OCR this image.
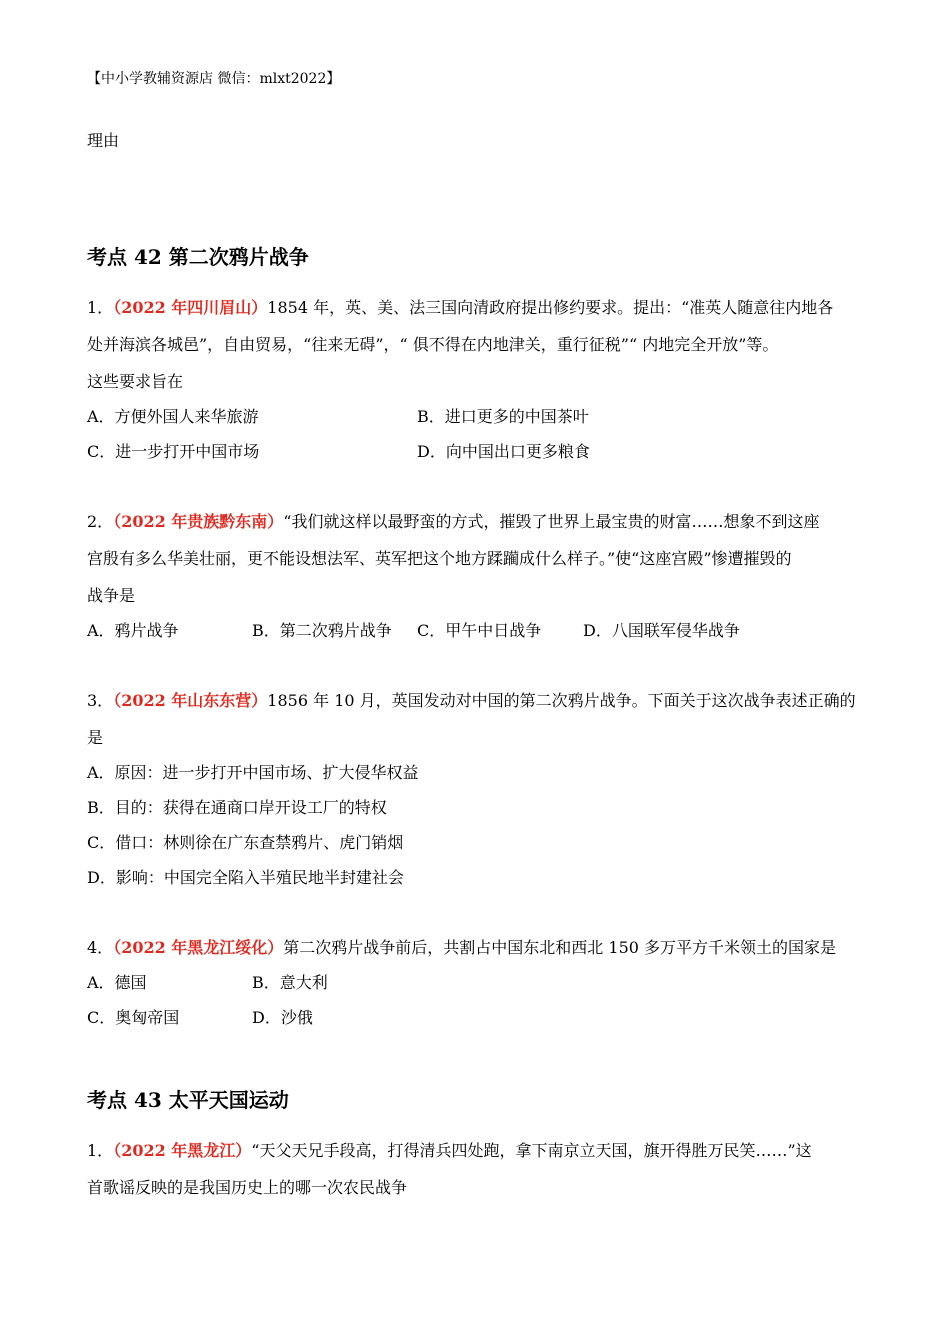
【中小学教辅资源店 微信：mlxt2022】
理由
考点 42 第二次鸦片战争
1．（2022 年四川眉山）1854 年，英、美、法三国向清政府提出修约要求。提出：“准英人随意往内地各
处并海滨各城邑”，自由贸易，“往来无碍”，“ 俱不得在内地津关，重行征税”“ 内地完全开放”等。
这些要求旨在
A．方便外国人来华旅游	B．进口更多的中国茶叶
C．进一步打开中国市场	D．向中国出口更多粮食
2．（2022 年贵族黔东南）“我们就这样以最野蛮的方式，摧毁了世界上最宝贵的财富……想象不到这座
宫殷有多么华美壮丽，更不能设想法军、英军把这个地方蹂躏成什么样子。”使“这座宫殿”惨遭摧毁的
战争是
A．鸦片战争	B．第二次鸦片战争 C．甲午中日战争	D．八国联军侵华战争
3．（2022 年山东东营）1856 年 10 月，英国发动对中国的第二次鸦片战争。下面关于这次战争表述正确的
是
A．原因：进一步打开中国市场、扩大侵华权益
B．目的：获得在通商口岸开设工厂的特权
C．借口：林则徐在广东查禁鸦片、虎门销烟
D．影响：中国完全陷入半殖民地半封建社会
4．（2022 年黑龙江绥化）第二次鸦片战争前后，共割占中国东北和西北 150 多万平方千米领土的国家是
A．德国	B．意大利
C．奥匈帝国	D．沙俄
考点 43 太平天国运动
1．（2022 年黑龙江）“天父天兄手段高，打得清兵四处跑，拿下南京立天国，旗开得胜万民笑……”这
首歌谣反映的是我国历史上的哪一次农民战争
